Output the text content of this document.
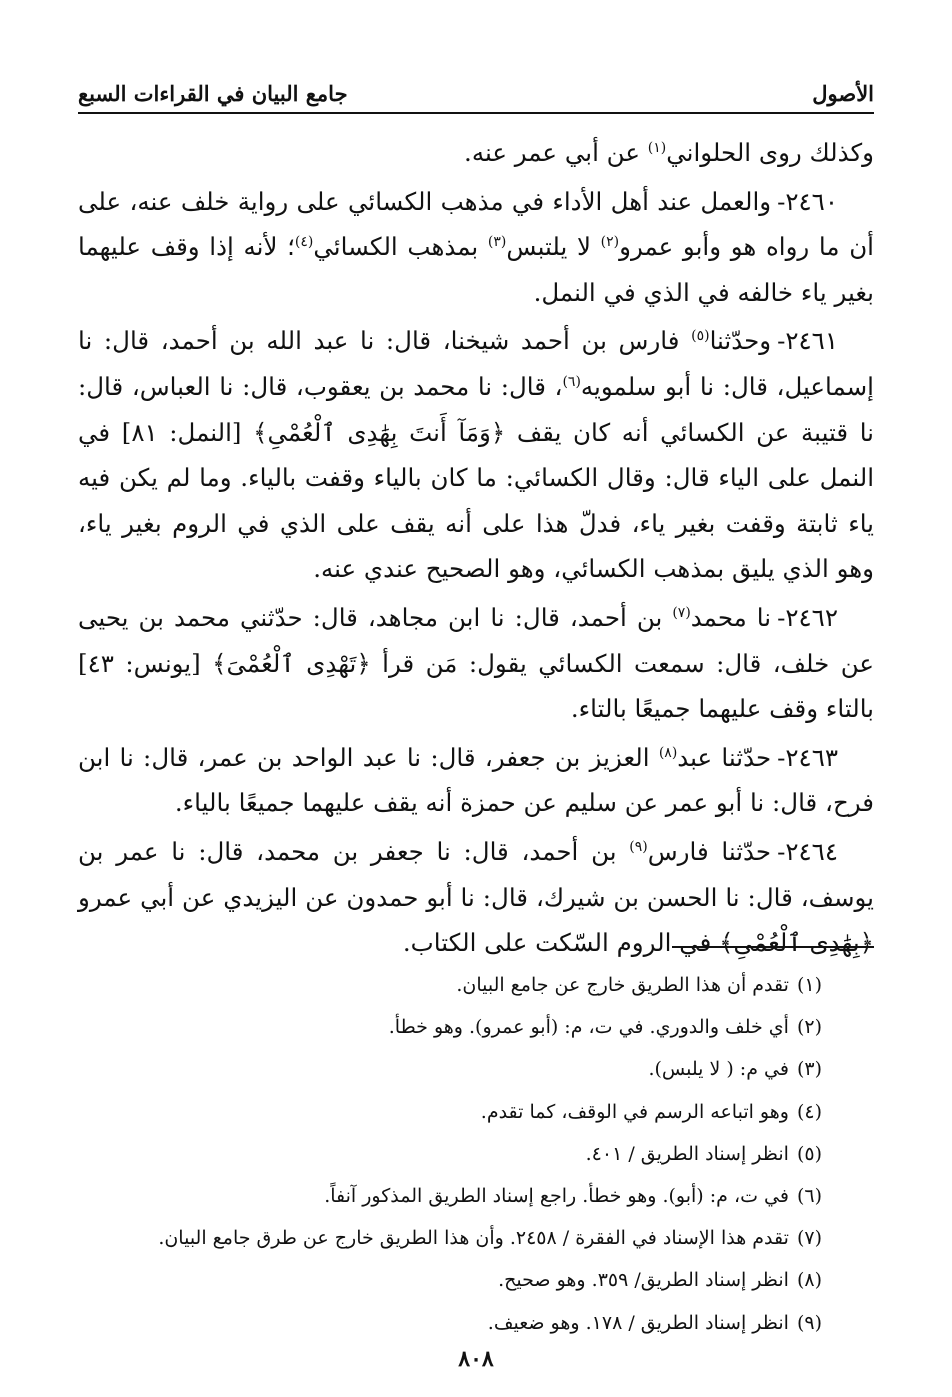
الأصول
جامع البيان في القراءات السبع

وكذلك روى الحلواني$^{(١)}$ عن أبي عمر عنه.

٢٤٦٠-والعمل عند أهل الأداء في مذهب الكسائي على رواية خلف عنه، على أن ما رواه هو وأبو عمرو$^{(٢)}$ لا يلتبس$^{(٣)}$ بمذهب الكسائي$^{(٤)}$؛ لأنه إذا وقف عليهما بغير ياء خالفه في الذي في النمل.

٢٤٦١-وحدّثنا$^{(٥)}$ فارس بن أحمد شيخنا، قال: نا عبد الله بن أحمد، قال: نا إسماعيل، قال: نا أبو سلمويه$^{(٦)}$، قال: نا محمد بن يعقوب، قال: نا العباس، قال: نا قتيبة عن الكسائي أنه كان يقف ﴿وَمَآ أَنتَ بِهَٰدِى ٱلْعُمْىِ﴾ [النمل: ٨١] في النمل على الياء قال: وقال الكسائي: ما كان بالياء وقفت بالياء. وما لم يكن فيه ياء ثابتة وقفت بغير ياء، فدلّ هذا على أنه يقف على الذي في الروم بغير ياء، وهو الذي يليق بمذهب الكسائي، وهو الصحيح عندي عنه.

٢٤٦٢-نا محمد$^{(٧)}$ بن أحمد، قال: نا ابن مجاهد، قال: حدّثني محمد بن يحيى عن خلف، قال: سمعت الكسائي يقول: مَن قرأ ﴿تَهْدِى ٱلْعُمْىَ﴾ [يونس: ٤٣] بالتاء وقف عليهما جميعًا بالتاء.

٢٤٦٣-حدّثنا عبد$^{(٨)}$ العزيز بن جعفر، قال: نا عبد الواحد بن عمر، قال: نا ابن فرح، قال: نا أبو عمر عن سليم عن حمزة أنه يقف عليهما جميعًا بالياء.

٢٤٦٤-حدّثنا فارس$^{(٩)}$ بن أحمد، قال: نا جعفر بن محمد، قال: نا عمر بن يوسف، قال: نا الحسن بن شيرك، قال: نا أبو حمدون عن اليزيدي عن أبي عمرو ﴿بِهَٰدِى ٱلْعُمْىِ﴾ في الروم السّكت على الكتاب.

(١)تقدم أن هذا الطريق خارج عن جامع البيان.

(٢)أي خلف والدوري. في ت، م: (أبو عمرو). وهو خطأ.

(٣)في م: ( لا يلبس).

(٤)وهو اتباعه الرسم في الوقف، كما تقدم.

(٥)انظر إسناد الطريق / ٤٠١.

(٦)في ت، م: (أبو). وهو خطأ. راجع إسناد الطريق المذكور آنفاً.

(٧)تقدم هذا الإسناد في الفقرة / ٢٤٥٨. وأن هذا الطريق خارج عن طرق جامع البيان.

(٨)انظر إسناد الطريق/ ٣٥٩. وهو صحيح.

(٩)انظر إسناد الطريق / ١٧٨. وهو ضعيف.

٨٠٨
